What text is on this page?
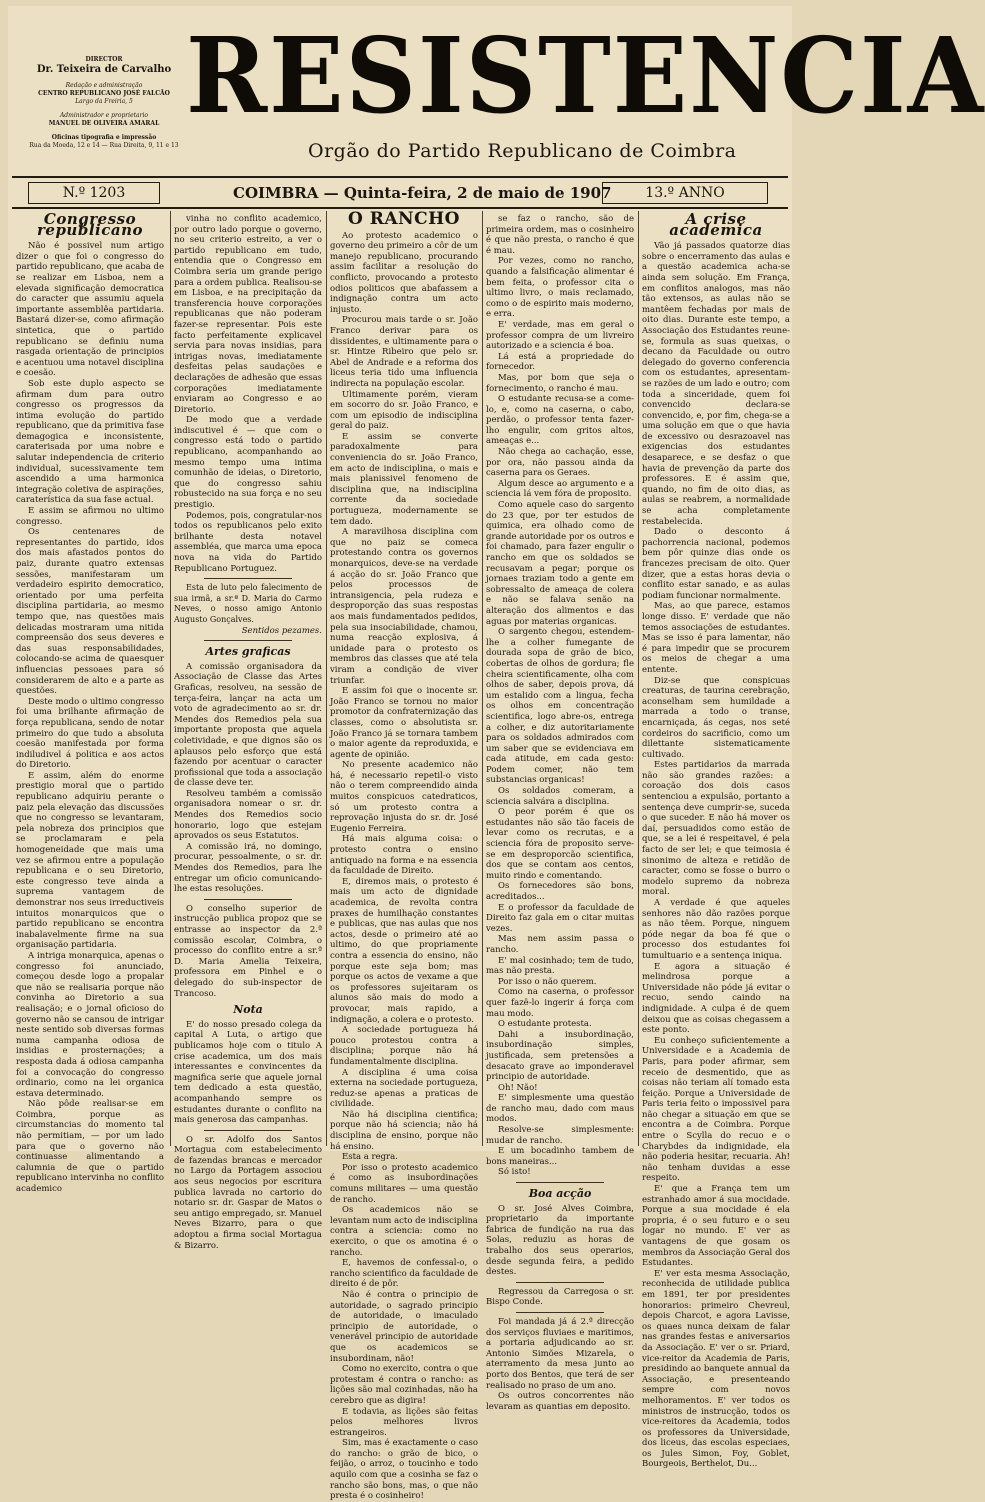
DIRECTOR

Dr. Teixeira de Carvalho

Redação e administração

CENTRO REPUBLICANO JOSÉ FALCÃO

Largo da Freiria, 5

Administrador e proprietario

MANUEL DE OLIVEIRA AMARAL

Oficinas tipografia e impressão

Rua da Moeda, 12 e 14 — Rua Direita, 9, 11 e 13

RESISTENCIA
Orgão do Partido Republicano de Coimbra
N.º 1203	COIMBRA — Quinta-feira, 2 de maio de 1907	13.º ANNO
Congresso republicano

Não é possivel num artigo dizer o que foi o congresso do partido republicano, que acaba de se realizar em Lisboa, nem a elevada significação democratica do caracter que assumiu aquela importante assemblêa partidaria. Bastará dizer-se, como afirmação sintetica, que o partido republicano se definiu numa rasgada orientação de principios e acentuou uma notavel disciplina e coesão.

Sob este duplo aspecto se afirmam dum para outro congresso os progressos da intima evolução do partido republicano, que da primitiva fase demagogica e inconsistente, caraterisada por uma nobre e salutar independencia de criterio individual, sucessivamente tem ascendido a uma harmonica integração coletiva de aspirações, caraterística da sua fase actual.

E assim se afirmou no ultimo congresso.

Os centenares de representantes do partido, idos dos mais afastados pontos do paiz, durante quatro extensas sessões, manifestaram um verdadeiro espirito democratico, orientado por uma perfeita disciplina partidaria, ao mesmo tempo que, nas questões mais delicadas mostraram uma nitida compreensão dos seus deveres e das suas responsabilidades, colocando-se acima de quaesquer influencias pessoaes para só considerarem de alto e a parte as questões.

Deste modo o ultimo congresso foi uma brilhante afirmação de força republicana, sendo de notar primeiro do que tudo a absoluta coesão manifestada por forma indiludivel á politica e aos actos do Diretorio.

E assim, além do enorme prestigio moral que o partido republicano adquiriu perante o paiz pela elevação das discussões que no congresso se levantaram, pela nobreza dos principios que se proclamaram e pela homogeneidade que mais uma vez se afirmou entre a população republicana e o seu Diretorio, este congresso teve ainda a suprema vantagem de demonstrar nos seus irreductiveis intuitos monarquicos que o partido republicano se encontra inabalavelmente firme na sua organisação partidaria.

A intriga monarquica, apenas o congresso foi anunciado, começou desde logo a propalar que não se realisaria porque não convinha ao Diretorio a sua realisação; e o jornal oficioso do governo não se cansou de intrigar neste sentido sob diversas formas numa campanha odiosa de insidias e prosternações; a resposta dada á odiosa campanha foi a convocação do congresso ordinario, como na lei organica estava determinado.

Não pôde realisar-se em Coimbra, porque as circumstancias do momento tal não permitiam, — por um lado para que o governo não continuasse alimentando a calumnia de que o partido republicano intervinha no conflito academico

vinha no conflito academico, por outro lado porque o governo, no seu criterio estreito, a ver o partido republicano em tudo, entendia que o Congresso em Coimbra seria um grande perigo para a ordem publica. Realisou-se em Lisboa, e na precipitação da transferencia houve corporações republicanas que não poderam fazer-se representar. Pois este facto perfeitamente explicavel servia para novas insidias, para intrigas novas, imediatamente desfeitas pelas saudações e declarações de adhesão que essas corporações imediatamente enviaram ao Congresso e ao Diretorio.

De modo que a verdade indiscutivel é — que com o congresso está todo o partido republicano, acompanhando ao mesmo tempo uma intima comunhão de ideias, o Diretorio, que do congresso sahiu robustecido na sua força e no seu prestigio.

Podemos, pois, congratular-nos todos os republicanos pelo exito brilhante desta notavel assembléa, que marca uma epoca nova na vida do Partido Republicano Portuguez.

Esta de luto pelo falecimento de sua irmã, a sr.ª D. Maria do Carmo Neves, o nosso amigo Antonio Augusto Gonçalves.

Sentidos pezames.

Artes graficas

A comissão organisadora da Associação de Classe das Artes Graficas, resolveu, na sessão de terça-feira, lançar na acta um voto de agradecimento ao sr. dr. Mendes dos Remedios pela sua importante proposta que aquela coletividade, e que dignos são os aplausos pelo esforço que está fazendo por acentuar o caracter profissional que toda a associação de classe deve ter.

Resolveu também a comissão organisadora nomear o sr. dr. Mendes dos Remedios socio honorario, logo que estejam aprovados os seus Estatutos.

A comissão irá, no domingo, procurar, pessoalmente, o sr. dr. Mendes dos Remedios, para lhe entregar um oficio comunicando-lhe estas resoluções.

O conselho superior de instrucção publica propoz que se entrasse ao inspector da 2.ª comissão escolar, Coimbra, o processo do conflito entre a sr.ª D. Maria Amelia Teixeira, professora em Pinhel e o delegado do sub-inspector de Trancoso.

Nota

E' do nosso presado colega da capital A Luta, o artigo que publicamos hoje com o titulo A crise academica, um dos mais interessantes e convincentes da magnifica serie que aquele jornal tem dedicado a esta questão, acompanhando sempre os estudantes durante o conflito na mais generosa das campanhas.

O sr. Adolfo dos Santos Mortagua com estabelecimento de fazendas brancas e mercador no Largo da Portagem associou aos seus negocios por escritura publica lavrada no cartorio do notario sr. dr. Gaspar de Matos o seu antigo empregado, sr. Manuel Neves Bizarro, para o que adoptou a firma social Mortagua & Bizarro.

O RANCHO

Ao protesto academico o governo deu primeiro a côr de um manejo republicano, procurando assim facilitar a resolução do conflicto, provocando a protesto odios politicos que abafassem a indignação contra um acto injusto.

Procurou mais tarde o sr. João Franco derivar para os dissidentes, e ultimamente para o sr. Hintze Ribeiro que pelo sr. Abel de Andrade e a reforma dos liceus teria tido uma influencia indirecta na população escolar.

Ultimamente porém, vieram em socorro do sr. João Franco, e com um episodio de indisciplina geral do paiz.

E assim se converte paradoxalmente para conveniencia do sr. João Franco, em acto de indisciplina, o mais e mais planissivel fenomeno de disciplina que, na indisciplina corrente da sociedade portugueza, modernamente se tem dado.

A maravilhosa disciplina com que no paiz se comeca protestando contra os governos monarquicos, deve-se na verdade á acção do sr. João Franco que pelos processos de intransigencia, pela rudeza e desproporção das suas respostas aos mais fundamentados pedidos, pela sua insociabilidade, chamou, numa reacção explosiva, á unidade para o protesto os membros das classes que até tela viram a condição de viver triunfar.

E assim foi que o inocente sr. João Franco se tornou no maior promotor da confraternização das classes, como o absolutista sr. João Franco já se tornara tambem o maior agente da reproduxida, e agente de opinião.

No presente academico não há, é necessario repetil-o visto não o terem compreendido ainda muitos conspicuos catedraticos, só um protesto contra a reprovação injusta do sr. dr. José Eugenio Ferreira.

Há mais alguma coisa: o protesto contra o ensino antiquado na forma e na essencia da faculdade de Direito.

E, diremos mais, o protesto é mais um acto de dignidade academica, de revolta contra praxes de humilhação constantes e publicas, que nas aulas que nos actos, desde o primeiro até ao ultimo, do que propriamente contra a essencia do ensino, não porque este seja bom; mas porque os actos de vexame a que os professores sujeitaram os alunos são mais do modo a provocar, mais rapido, a indignação, a colera e o protesto.

A sociedade portugueza há pouco protestou contra a disciplina; porque não há fundamentalmente disciplina.

A disciplina é uma coisa externa na sociedade portugueza, reduz-se apenas a praticas de civilidade.

Não há disciplina cientifica; porque não há sciencia; não há disciplina de ensino, porque não há ensino.

Esta a regra.

Por isso o protesto academico é como as insubordinações comuns militares — uma questão de rancho.

Os academicos não se levantam num acto de indisciplina contra a sciencia: como no exercito, o que os amotina é o rancho.

E, havemos de confessal-o, o rancho scientifico da faculdade de direito é de pôr.

Não é contra o principio de autoridade, o sagrado principio de autoridade, o imaculado principio de autoridade, o venerável principio de autoridade que os academicos se insubordinam, não!

Como no exercito, contra o que protestam é contra o rancho: as lições são mal cozinhadas, não ha cerebro que as digira!

E todavia, as lições são feitas pelos melhores livros estrangeiros.

Sim, mas é exactamente o caso do rancho: o grão de bico, o feijão, o arroz, o toucinho e todo aquilo com que a cosinha se faz o rancho são bons, mas, o que não presta é o cosinheiro!

se faz o rancho, são de primeira ordem, mas o cosinheiro é que não presta, o rancho é que é mau.

Por vezes, como no rancho, quando a falsificação alimentar é bem feita, o professor cita o ultimo livro, o mais reclamado, como o de espirito mais moderno, e erra.

E' verdade, mas em geral o professor compra de um livreiro autorizado e a sciencia é boa.

Lá está a propriedade do fornecedor.

Mas, por bom que seja o fornecimento, o rancho é mau.

O estudante recusa-se a come-lo, e, como na caserna, o cabo, perdão, o professor tenta fazer-lho engulir, com gritos altos, ameaças e...

Não chega ao cachação, esse, por ora, não passou ainda da caserna para os Geraes.

Algum desce ao argumento e a sciencia lá vem fóra de proposito.

Como aquele caso do sargento do 23 que, por ter estudos de quimica, era olhado como de grande autoridade por os outros e foi chamado, para fazer engulir o rancho em que os soldados se recusavam a pegar; porque os jornaes traziam todo a gente em sobressalto de ameaça de colera e não se falava senão na alteração dos alimentos e das aguas por materias organicas.

O sargento chegou, estendem-lhe a colher fumegante de dourada sopa de grão de bico, cobertas de olhos de gordura; fle cheira scientificamente, olha com olhos de saber, depois prova, dá um estalido com a lingua, fecha os olhos em concentração scientifica, logo abre-os, entrega a colher, e diz autoritariamente para os soldados admirados com um saber que se evidenciava em cada atitude, em cada gesto: Podem comer, não tem substancias organicas!

Os soldados comeram, a sciencia salvára a disciplina.

O peor porém é que os estudantes não são tão faceis de levar como os recrutas, e a sciencia fóra de proposito serve-se em desproporcão scientifica, dos que se contam aos centos, muito rindo e comentando.

Os fornecedores são bons, acreditados...

E o professor da faculdade de Direito faz gala em o citar muitas vezes.

Mas nem assim passa o rancho.

E' mal cosinhado; tem de tudo, mas não presta.

Por isso o não querem.

Como na caserna, o professor quer fazê-lo ingerir á força com mau modo.

O estudante protesta.

Dahi a insubordinação, insubordinação simples, justificada, sem pretensões a desacato grave ao imponderavel principio de autoridade.

Oh! Não!

E' simplesmente uma questão de rancho mau, dado com maus modos.

Resolve-se simplesmente: mudar de rancho.

E um bocadinho tambem de bons maneiras...

Só isto!

Boa acção

O sr. José Alves Coimbra, proprietario da importante fabrica de fundição na rua das Solas, reduziu as horas de trabalho dos seus operarios, desde segunda feira, a pedido destes.

Regressou da Carregosa o sr. Bispo Conde.

Foi mandada já á 2.ª direcção dos serviços fluviaes e maritimos, a portaria adjudicando ao sr. Antonio Simões Mizarela, o aterramento da mesa junto ao porto dos Bentos, que terá de ser realisado no praso de um ano.

Os outros concorrentes não levaram as quantias em deposito.

A crise academica

Vão já passados quatorze dias sobre o encerramento das aulas e a questão academica acha-se ainda sem solução. Em França, em conflitos analogos, mas não tão extensos, as aulas não se mantêem fechadas por mais de oito dias. Durante este tempo, a Associação dos Estudantes reune-se, formula as suas queixas, o decano da Faculdade ou outro delegado do governo conferencia com os estudantes, apresentam-se razões de um lado e outro; com toda a sinceridade, quem foi convencido declara-se convencido, e, por fim, chega-se a uma solução em que o que havia de excessivo ou desrazoavel nas exigencias dos estudantes desaparece, e se desfaz o que havia de prevenção da parte dos professores. E é assim que, quando, no fim de oito dias, as aulas se reabrem, a normalidade se acha completamente restabelecida.

Dado o desconto á pachorrencia nacional, podemos bem pôr quinze dias onde os francezes precisam de oito. Quer dizer, que a estas horas devia o conflito estar sanado, e as aulas podiam funcionar normalmente.

Mas, ao que parece, estamos longe disso. E' verdade que não temos associações de estudantes. Mas se isso é para lamentar, não é para impedir que se procurem os meios de chegar a uma entente.

Diz-se que conspicuas creaturas, de taurina cerebração, aconselham sem humildade a marrada a todo o transe, encarniçada, ás cegas, nos seté cordeiros do sacrificio, como um dilettante sistematicamente cultivado.

Estes partidarios da marrada não são grandes razões: a coroação dos dois casos sentenciou a expulsão, portanto a sentença deve cumprir-se, suceda o que suceder. E não há mover os daí, persuadidos como estão de que, se a lei é respeitavel, é pela facto de ser lei; e que teimosia é sinonimo de alteza e retidão de caracter, como se fosse o burro o modelo supremo da nobreza moral.

A verdade é que aqueles senhores não dão razões porque as não têem. Porque, ninguem póde negar da boa fé que o processo dos estudantes foi tumultuario e a sentença iniqua.

E agora a situação é melindrosa porque a Universidade não póde já evitar o recuo, sendo caindo na indignidade. A culpa é de quem deixou que as coisas chegassem a este ponto.

Eu conheço suficientemente a Universidade e a Academia de Paris, para poder afirmar, sem receio de desmentido, que as coisas não teriam alí tomado esta feição. Porque a Universidade de Paris teria feito o impossivel para não chegar a situação em que se encontra a de Coimbra. Porque entre o Scylla do recuo e o Charybdes da indignidade, ela não poderia hesitar, recuaria. Ah! não tenham duvidas a esse respeito.

E' que a França tem um estranhado amor á sua mocidade. Porque a sua mocidade é ela propria, é o seu futuro e o seu logar no mundo. E' ver as vantagens de que gosam os membros da Associação Geral dos Estudantes.

E' ver esta mesma Associação, reconhecida de utilidade publica em 1891, ter por presidentes honorarios: primeiro Chevreul, depois Charcot, e agora Lavisse, os quaes nunca deixam de falar nas grandes festas e aniversarios da Associação. E' ver o sr. Priard, vice-reitor da Academia de Paris, presidindo ao banquete annual da Associação, e presenteando sempre com novos melhoramentos. E' ver todos os ministros de instrucção, todos os vice-reitores da Academia, todos os professores da Universidade, dos liceus, das escolas especiaes, os Jules Simon, Foy, Goblet, Bourgeois, Berthelot, Du...
